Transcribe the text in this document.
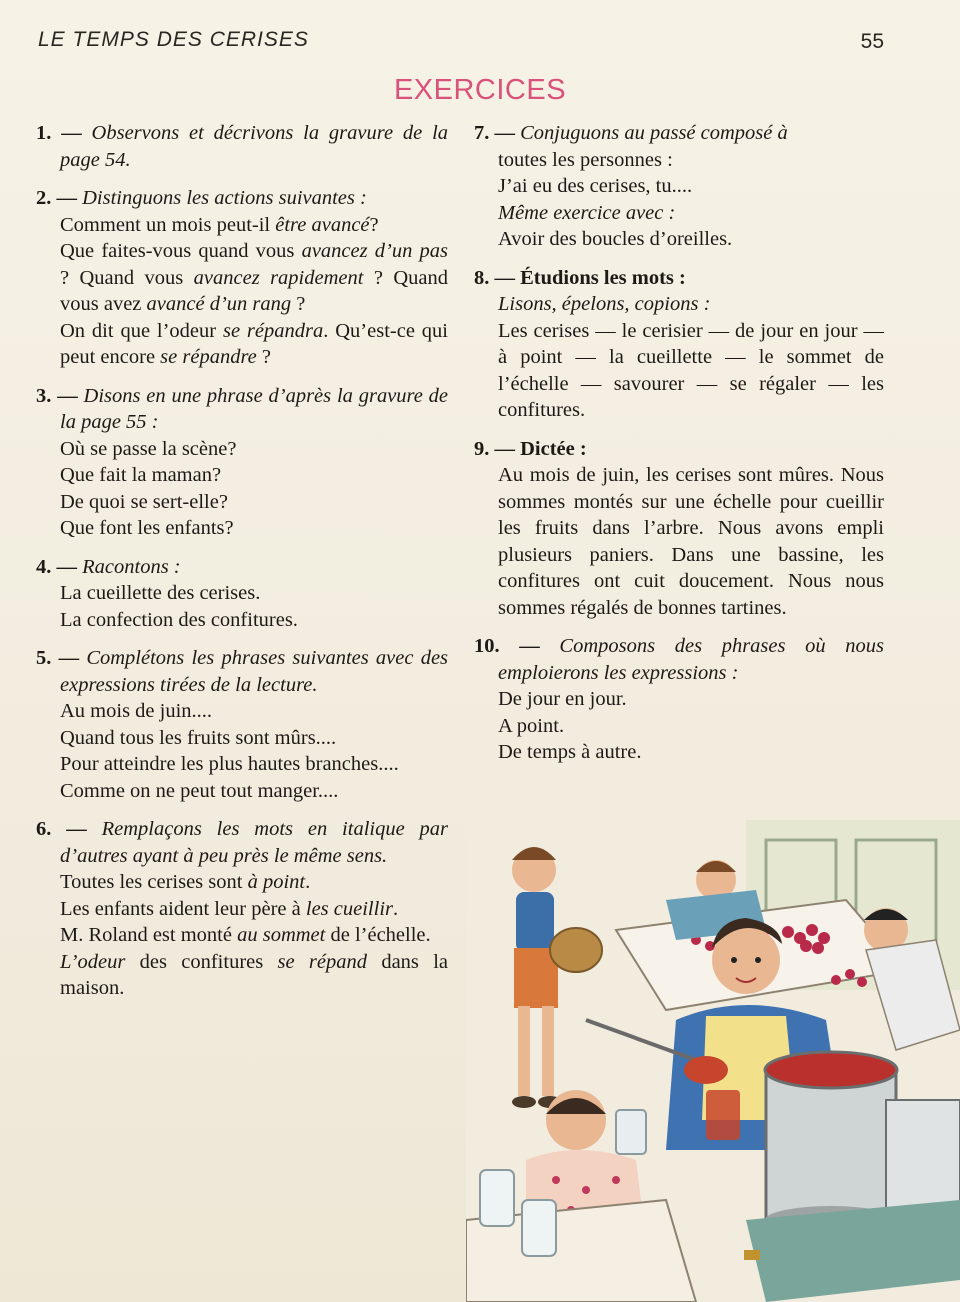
LE TEMPS DES CERISES	55
EXERCICES
1. — Observons et décrivons la gravure de la page 54.
2. — Distinguons les actions suivantes :
Comment un mois peut-il être avancé?
Que faites-vous quand vous avancez d’un pas ? Quand vous avancez rapidement ? Quand vous avez avancé d’un rang ?
On dit que l’odeur se répandra. Qu’est-ce qui peut encore se répandre ?
3. — Disons en une phrase d’après la gravure de la page 55 :
Où se passe la scène?
Que fait la maman?
De quoi se sert-elle?
Que font les enfants?
4. — Racontons :
La cueillette des cerises.
La confection des confitures.
5. — Complétons les phrases suivantes avec des expressions tirées de la lecture.
Au mois de juin....
Quand tous les fruits sont mûrs....
Pour atteindre les plus hautes branches....
Comme on ne peut tout manger....
6. — Remplaçons les mots en italique par d’autres ayant à peu près le même sens.
Toutes les cerises sont à point.
Les enfants aident leur père à les cueillir.
M. Roland est monté au sommet de l’échelle.
L’odeur des confitures se répand dans la maison.
7. — Conjuguons au passé composé à
toutes les personnes :
J’ai eu des cerises, tu....
Même exercice avec :
Avoir des boucles d’oreilles.
8. — Étudions les mots :
Lisons, épelons, copions :
Les cerises — le cerisier — de jour en jour — à point — la cueillette — le sommet de l’échelle — savourer — se régaler — les confitures.
9. — Dictée :
Au mois de juin, les cerises sont mûres. Nous sommes montés sur une échelle pour cueillir les fruits dans l’arbre. Nous avons empli plusieurs paniers. Dans une bassine, les confitures ont cuit doucement. Nous nous sommes régalés de bonnes tartines.
10. — Composons des phrases où nous emploierons les expressions :
De jour en jour.
A point.
De temps à autre.
